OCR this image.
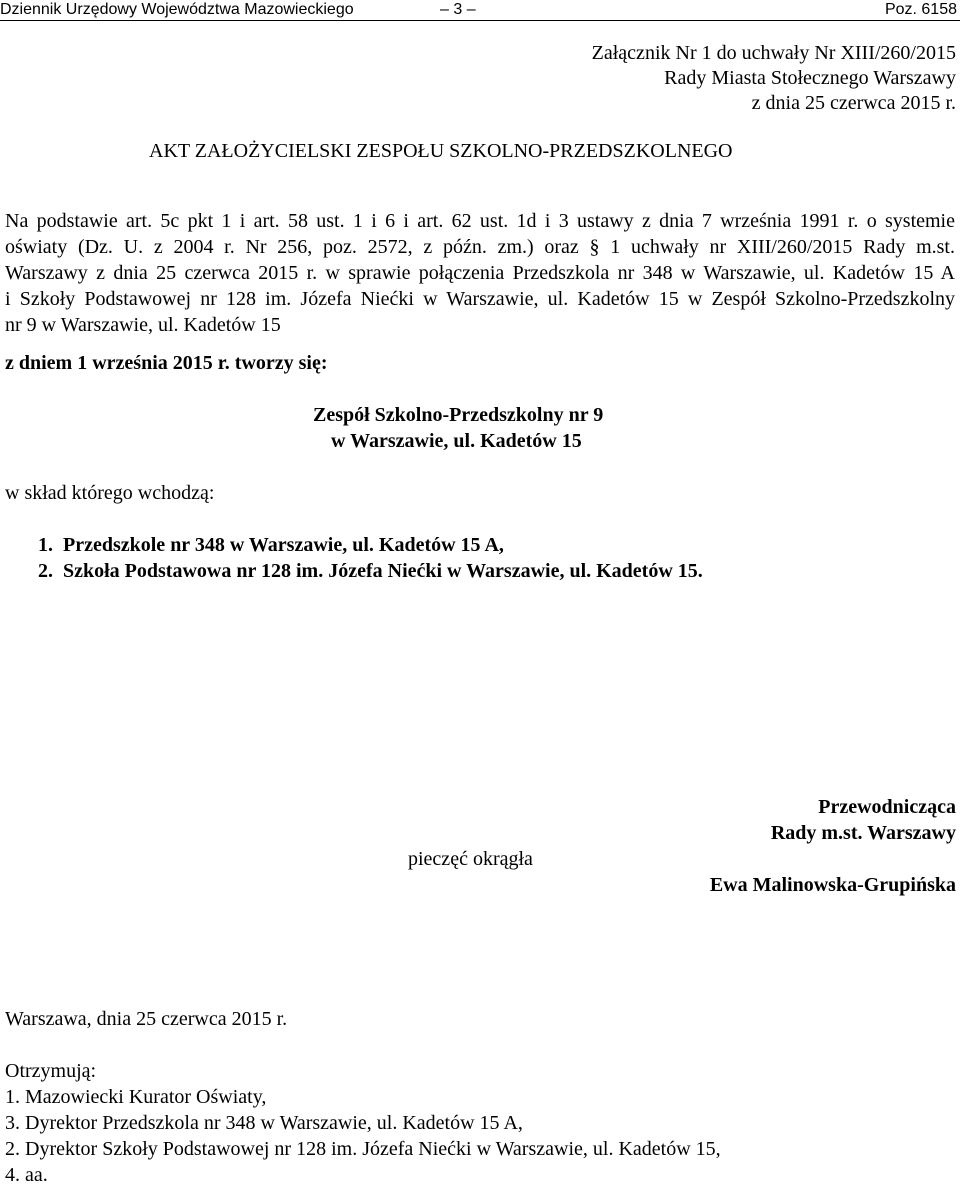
Dziennik Urzędowy Województwa Mazowieckiego	– 3 –	Poz. 6158
Załącznik Nr 1 do uchwały Nr XIII/260/2015
Rady Miasta Stołecznego Warszawy
z dnia 25 czerwca 2015 r.
AKT ZAŁOŻYCIELSKI ZESPOŁU SZKOLNO-PRZEDSZKOLNEGO
Na podstawie art. 5c pkt 1 i art. 58 ust. 1 i 6 i art. 62 ust. 1d i 3 ustawy z dnia 7 września 1991 r. o systemie
oświaty (Dz. U. z 2004 r. Nr 256, poz. 2572, z późn. zm.) oraz § 1 uchwały nr XIII/260/2015 Rady m.st.
Warszawy z dnia 25 czerwca 2015 r. w sprawie połączenia Przedszkola nr 348 w Warszawie, ul. Kadetów 15 A
i Szkoły Podstawowej nr 128 im. Józefa Niećki w Warszawie, ul. Kadetów 15 w Zespół Szkolno-Przedszkolny
nr 9 w Warszawie, ul. Kadetów 15
z dniem 1 września 2015 r. tworzy się:
Zespół Szkolno-Przedszkolny nr 9
w Warszawie, ul. Kadetów 15
w skład którego wchodzą:
1.  Przedszkole nr 348 w Warszawie, ul. Kadetów 15 A,
2.  Szkoła Podstawowa nr 128 im. Józefa Niećki w Warszawie, ul. Kadetów 15.
Przewodnicząca
Rady m.st. Warszawy
pieczęć okrągła
Ewa Malinowska-Grupińska
Warszawa, dnia 25 czerwca 2015 r.
Otrzymują:
1. Mazowiecki Kurator Oświaty,
3. Dyrektor Przedszkola nr 348 w Warszawie, ul. Kadetów 15 A,
2. Dyrektor Szkoły Podstawowej nr 128 im. Józefa Niećki w Warszawie, ul. Kadetów 15,
4. aa.
